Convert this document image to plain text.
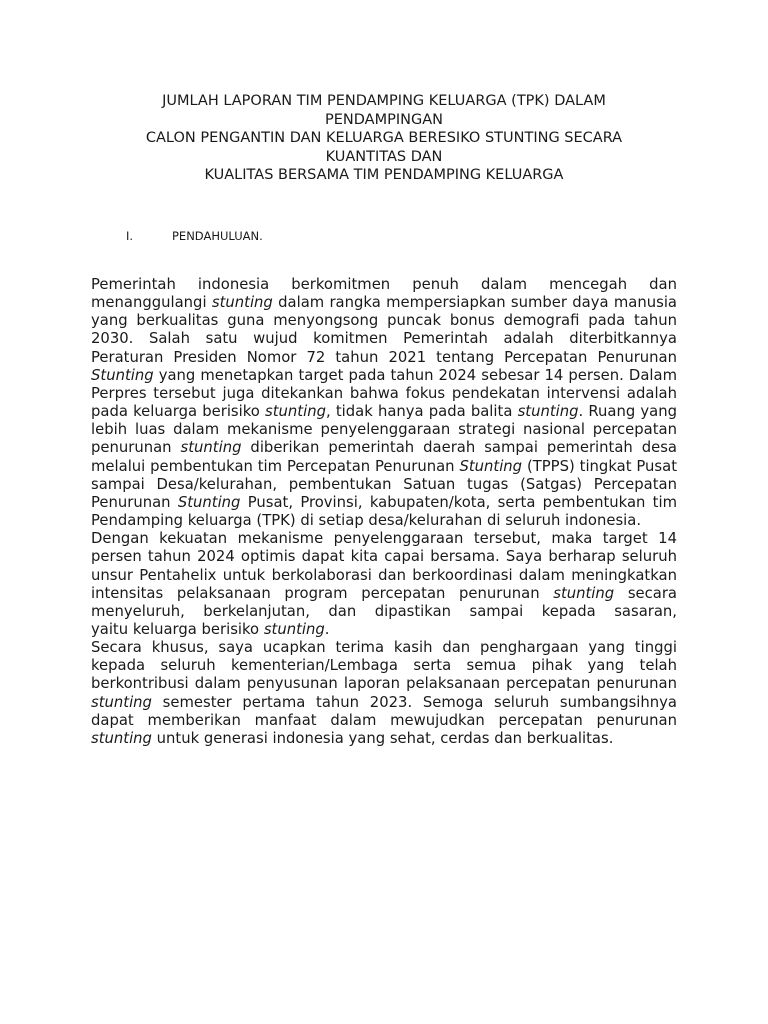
JUMLAH LAPORAN TIM PENDAMPING KELUARGA (TPK) DALAM
PENDAMPINGAN
CALON PENGANTIN DAN KELUARGA BERESIKO STUNTING SECARA
KUANTITAS DAN
KUALITAS BERSAMA TIM PENDAMPING KELUARGA
I.	PENDAHULUAN.

Pemerintah indonesia berkomitmen penuh dalam mencegah dan menanggulangi stunting dalam rangka mempersiapkan sumber daya manusia yang berkualitas guna menyongsong puncak bonus demografi pada tahun 2030. Salah satu wujud komitmen Pemerintah adalah diterbitkannya Peraturan Presiden Nomor 72 tahun 2021 tentang Percepatan Penurunan Stunting yang menetapkan target pada tahun 2024 sebesar 14 persen. Dalam Perpres tersebut juga ditekankan bahwa fokus pendekatan intervensi adalah pada keluarga berisiko stunting, tidak hanya pada balita stunting. Ruang yang lebih luas dalam mekanisme penyelenggaraan strategi nasional percepatan penurunan stunting diberikan pemerintah daerah sampai pemerintah desa melalui pembentukan tim Percepatan Penurunan Stunting (TPPS) tingkat Pusat sampai Desa/kelurahan, pembentukan Satuan tugas (Satgas) Percepatan Penurunan Stunting Pusat, Provinsi, kabupaten/kota, serta pembentukan tim Pendamping keluarga (TPK) di setiap desa/kelurahan di seluruh indonesia.

Dengan kekuatan mekanisme penyelenggaraan tersebut, maka target 14 persen tahun 2024 optimis dapat kita capai bersama. Saya berharap seluruh unsur Pentahelix untuk berkolaborasi dan berkoordinasi dalam meningkatkan intensitas pelaksanaan program percepatan penurunan stunting secara menyeluruh, berkelanjutan, dan dipastikan sampai kepada sasaran,

yaitu keluarga berisiko stunting.

Secara khusus, saya ucapkan terima kasih dan penghargaan yang tinggi kepada seluruh kementerian/Lembaga serta semua pihak yang telah berkontribusi dalam penyusunan laporan pelaksanaan percepatan penurunan stunting semester pertama tahun 2023. Semoga seluruh sumbangsihnya dapat memberikan manfaat dalam mewujudkan percepatan penurunan stunting untuk generasi indonesia yang sehat, cerdas dan berkualitas.
